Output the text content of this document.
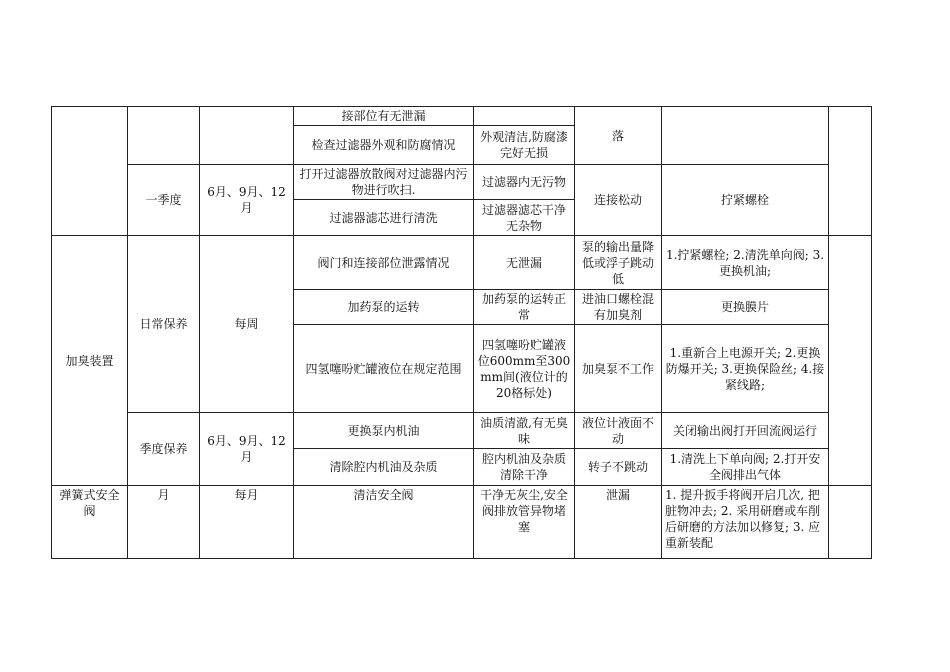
			接部位有无泄漏		落		
			检查过滤器外观和防腐情况	外观清洁,防腐漆完好无损			
	一季度	6月、9月、12月	打开过滤器放散阀对过滤器内污物进行吹扫.	过滤器内无污物	连接松动	拧紧螺栓	
			过滤器滤芯进行清洗	过滤器滤芯干净无杂物			
加臭装置	日常保养	每周	阀门和连接部位泄露情况	无泄漏	泵的输出量降低或浮子跳动低	1.拧紧螺栓; 2.清洗单向阀; 3.更换机油;	
			加药泵的运转	加药泵的运转正常	进油口螺栓混有加臭剂	更换膜片	
			四氢噻吩贮罐液位在规定范围	四氢噻吩贮罐液位600mm至300mm间(液位计的20格标处)	加臭泵不工作	1.重新合上电源开关; 2.更换防爆开关; 3.更换保险丝; 4.接紧线路;	
	季度保养	6月、9月、12月	更换泵内机油	油质清澈,有无臭味	液位计液面不动	关闭输出阀打开回流阀运行	
			清除腔内机油及杂质	腔内机油及杂质清除干净	转子不跳动	1.清洗上下单向阀; 2.打开安全阀排出气体	
弹簧式安全阀	月	每月	清洁安全阀	干净无灰尘,安全阀排放管异物堵塞	泄漏	1. 提升扳手将阀开启几次, 把脏物冲去; 2. 采用研磨或车削后研磨的方法加以修复; 3. 应重新装配	
